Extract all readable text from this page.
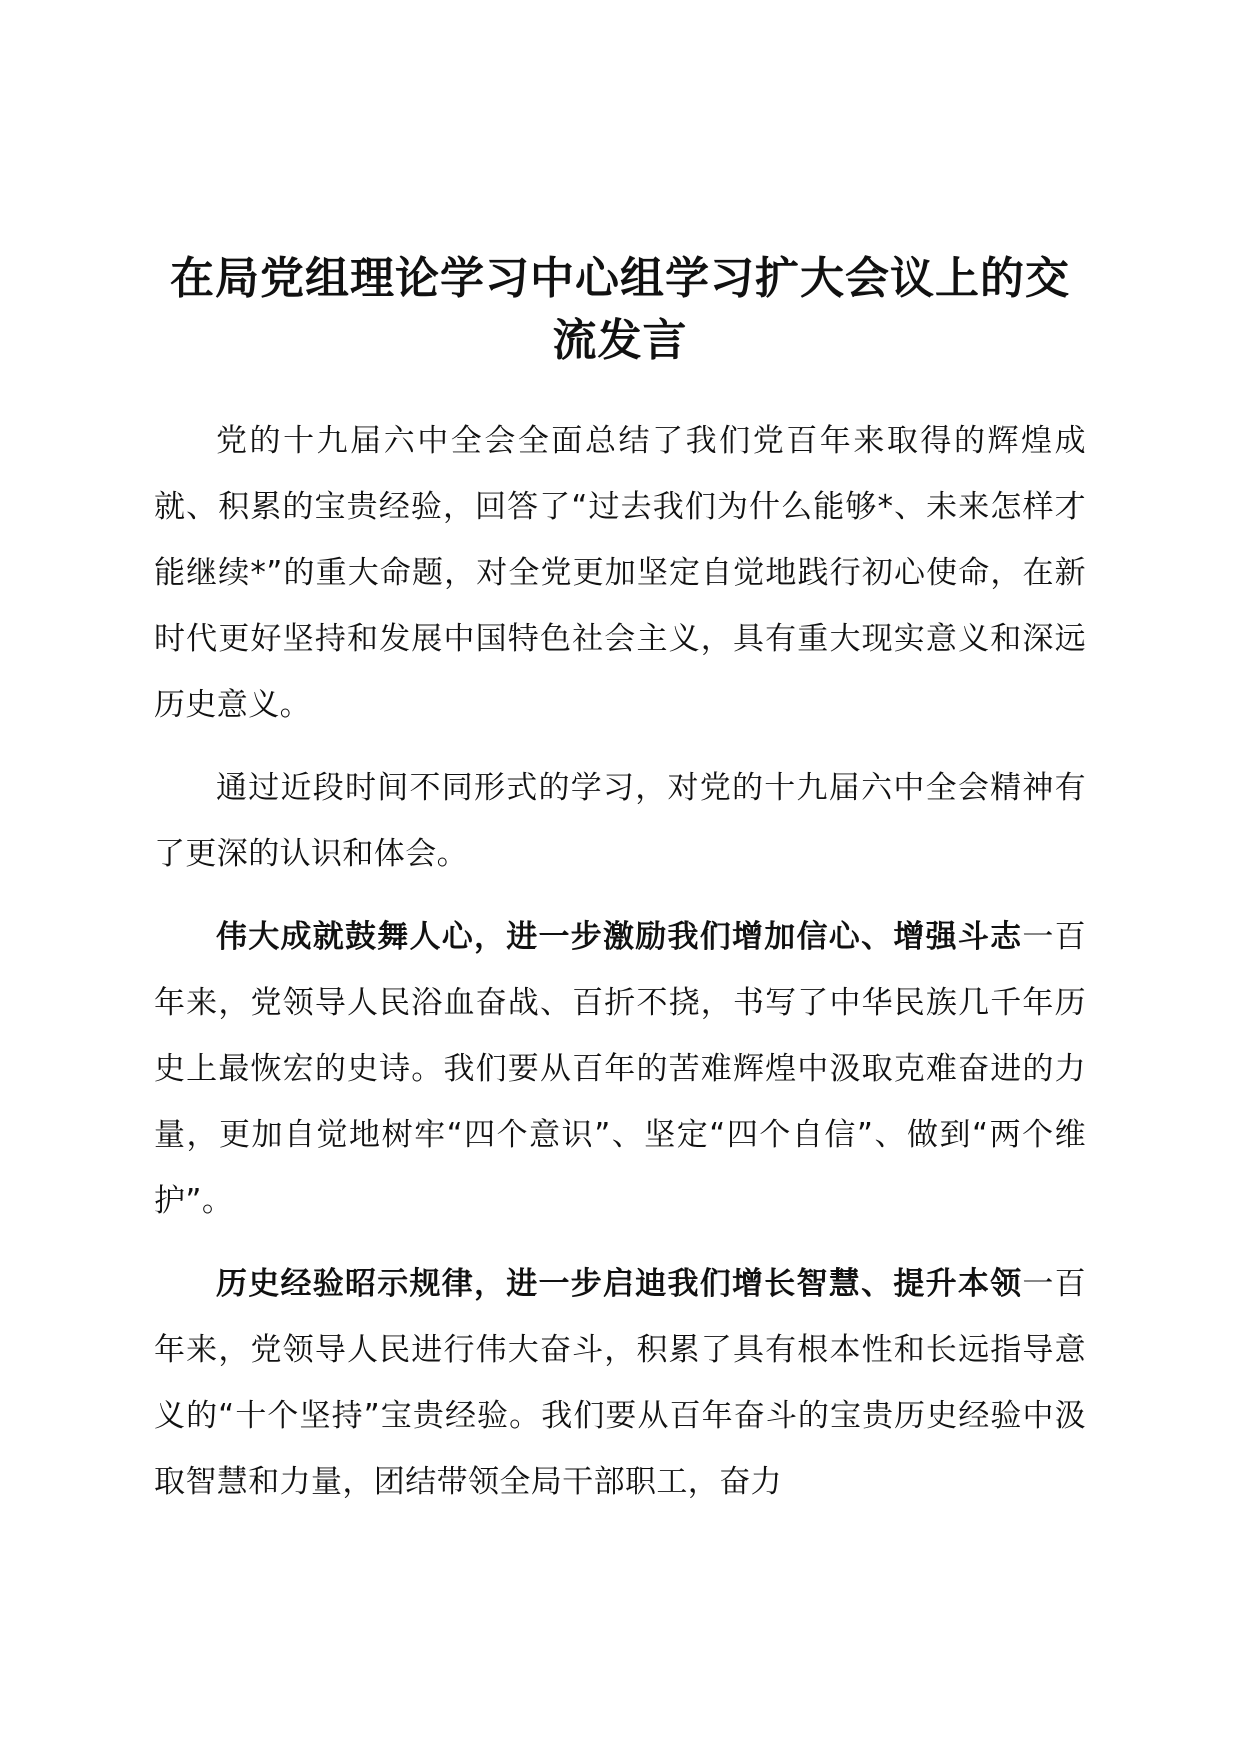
在局党组理论学习中心组学习扩大会议上的交流发言

党的十九届六中全会全面总结了我们党百年来取得的辉煌成就、积累的宝贵经验，回答了“过去我们为什么能够*、未来怎样才能继续*”的重大命题，对全党更加坚定自觉地践行初心使命，在新时代更好坚持和发展中国特色社会主义，具有重大现实意义和深远历史意义。

通过近段时间不同形式的学习，对党的十九届六中全会精神有了更深的认识和体会。

伟大成就鼓舞人心，进一步激励我们增加信心、增强斗志一百年来，党领导人民浴血奋战、百折不挠，书写了中华民族几千年历史上最恢宏的史诗。我们要从百年的苦难辉煌中汲取克难奋进的力量，更加自觉地树牢“四个意识”、坚定“四个自信”、做到“两个维护”。

历史经验昭示规律，进一步启迪我们增长智慧、提升本领一百年来，党领导人民进行伟大奋斗，积累了具有根本性和长远指导意义的“十个坚持”宝贵经验。我们要从百年奋斗的宝贵历史经验中汲取智慧和力量，团结带领全局干部职工，奋力
